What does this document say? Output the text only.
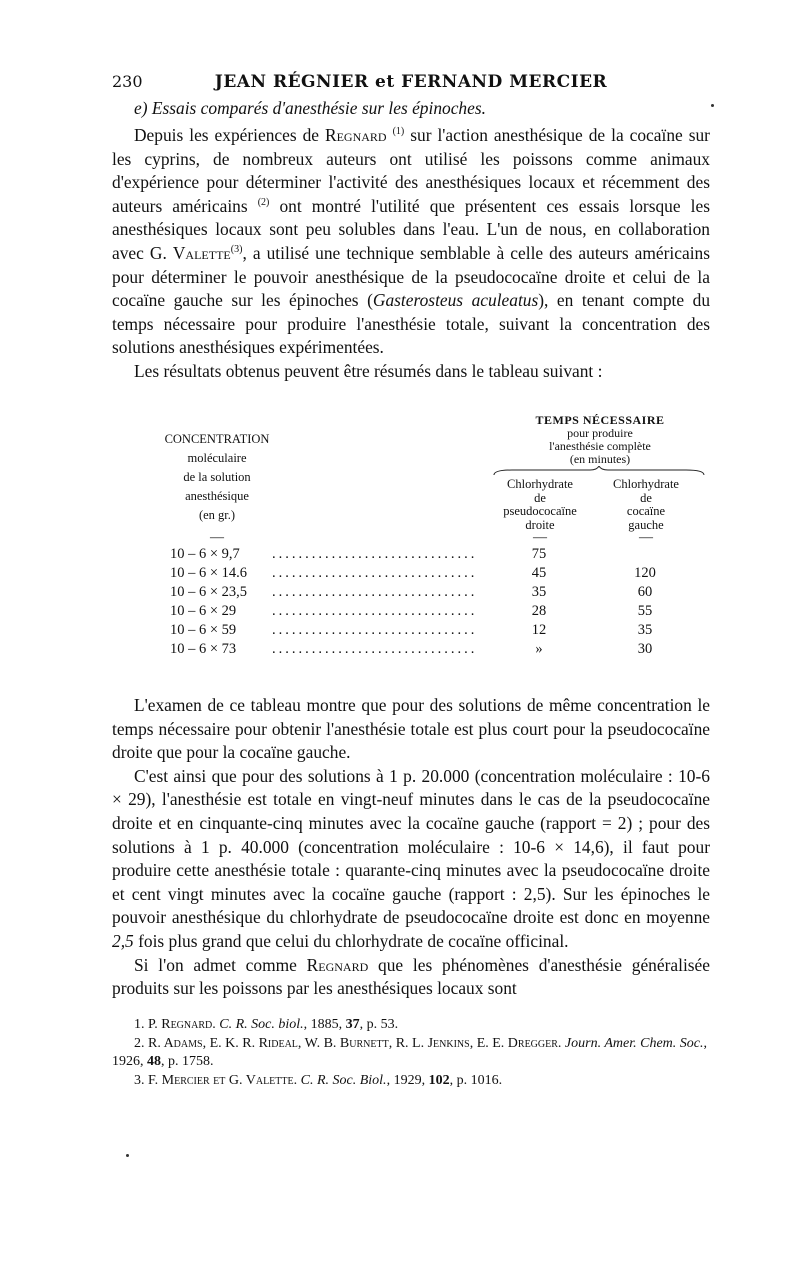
230	JEAN RÉGNIER et FERNAND MERCIER
e) Essais comparés d'anesthésie sur les épinoches.

Depuis les expériences de Regnard $^{(1)}$ sur l'action anesthésique de la cocaïne sur les cyprins, de nombreux auteurs ont utilisé les poissons comme animaux d'expérience pour déterminer l'activité des anesthésiques locaux et récemment des auteurs américains $^{(2)}$ ont montré l'utilité que présentent ces essais lorsque les anesthésiques locaux sont peu solubles dans l'eau. L'un de nous, en collaboration avec G. Valette$^{(3)}$, a utilisé une technique semblable à celle des auteurs américains pour déterminer le pouvoir anesthésique de la pseudococaïne droite et celui de la cocaïne gauche sur les épinoches (Gasterosteus aculeatus), en tenant compte du temps nécessaire pour produire l'anesthésie totale, suivant la concentration des solutions anesthésiques expérimentées.

Les résultats obtenus peuvent être résumés dans le tableau suivant :

CONCENTRATION
moléculaire
de la solution
anesthésique
(en gr.)
TEMPS NÉCESSAIRE
pour produire
l'anesthésie complète
(en minutes)
Chlorhydrate
de
pseudococaïne
droite
Chlorhydrate
de
cocaïne
gauche
—	—	—
10 – 6 × 9,7 ...............................	75
10 – 6 × 14.6 ...............................	45	120
10 – 6 × 23,5 ...............................	35	60
10 – 6 × 29 ...............................	28	55
10 – 6 × 59 ...............................	12	35
10 – 6 × 73 ...............................	»	30

L'examen de ce tableau montre que pour des solutions de même concentration le temps nécessaire pour obtenir l'anesthésie totale est plus court pour la pseudococaïne droite que pour la cocaïne gauche.

C'est ainsi que pour des solutions à 1 p. 20.000 (concentration moléculaire : 10-6 × 29), l'anesthésie est totale en vingt-neuf minutes dans le cas de la pseudococaïne droite et en cinquante-cinq minutes avec la cocaïne gauche (rapport = 2) ; pour des solutions à 1 p. 40.000 (concentration moléculaire : 10-6 × 14,6), il faut pour produire cette anesthésie totale : quarante-cinq minutes avec la pseudococaïne droite et cent vingt minutes avec la cocaïne gauche (rapport : 2,5). Sur les épinoches le pouvoir anesthésique du chlorhydrate de pseudococaïne droite est donc en moyenne 2,5 fois plus grand que celui du chlorhydrate de cocaïne officinal.

Si l'on admet comme Regnard que les phénomènes d'anesthésie généralisée produits sur les poissons par les anesthésiques locaux sont

1. P. Regnard. C. R. Soc. biol., 1885, 37, p. 53.

2. R. Adams, E. K. R. Rideal, W. B. Burnett, R. L. Jenkins, E. E. Dregger. Journ. Amer. Chem. Soc., 1926, 48, p. 1758.

3. F. Mercier et G. Valette. C. R. Soc. Biol., 1929, 102, p. 1016.
